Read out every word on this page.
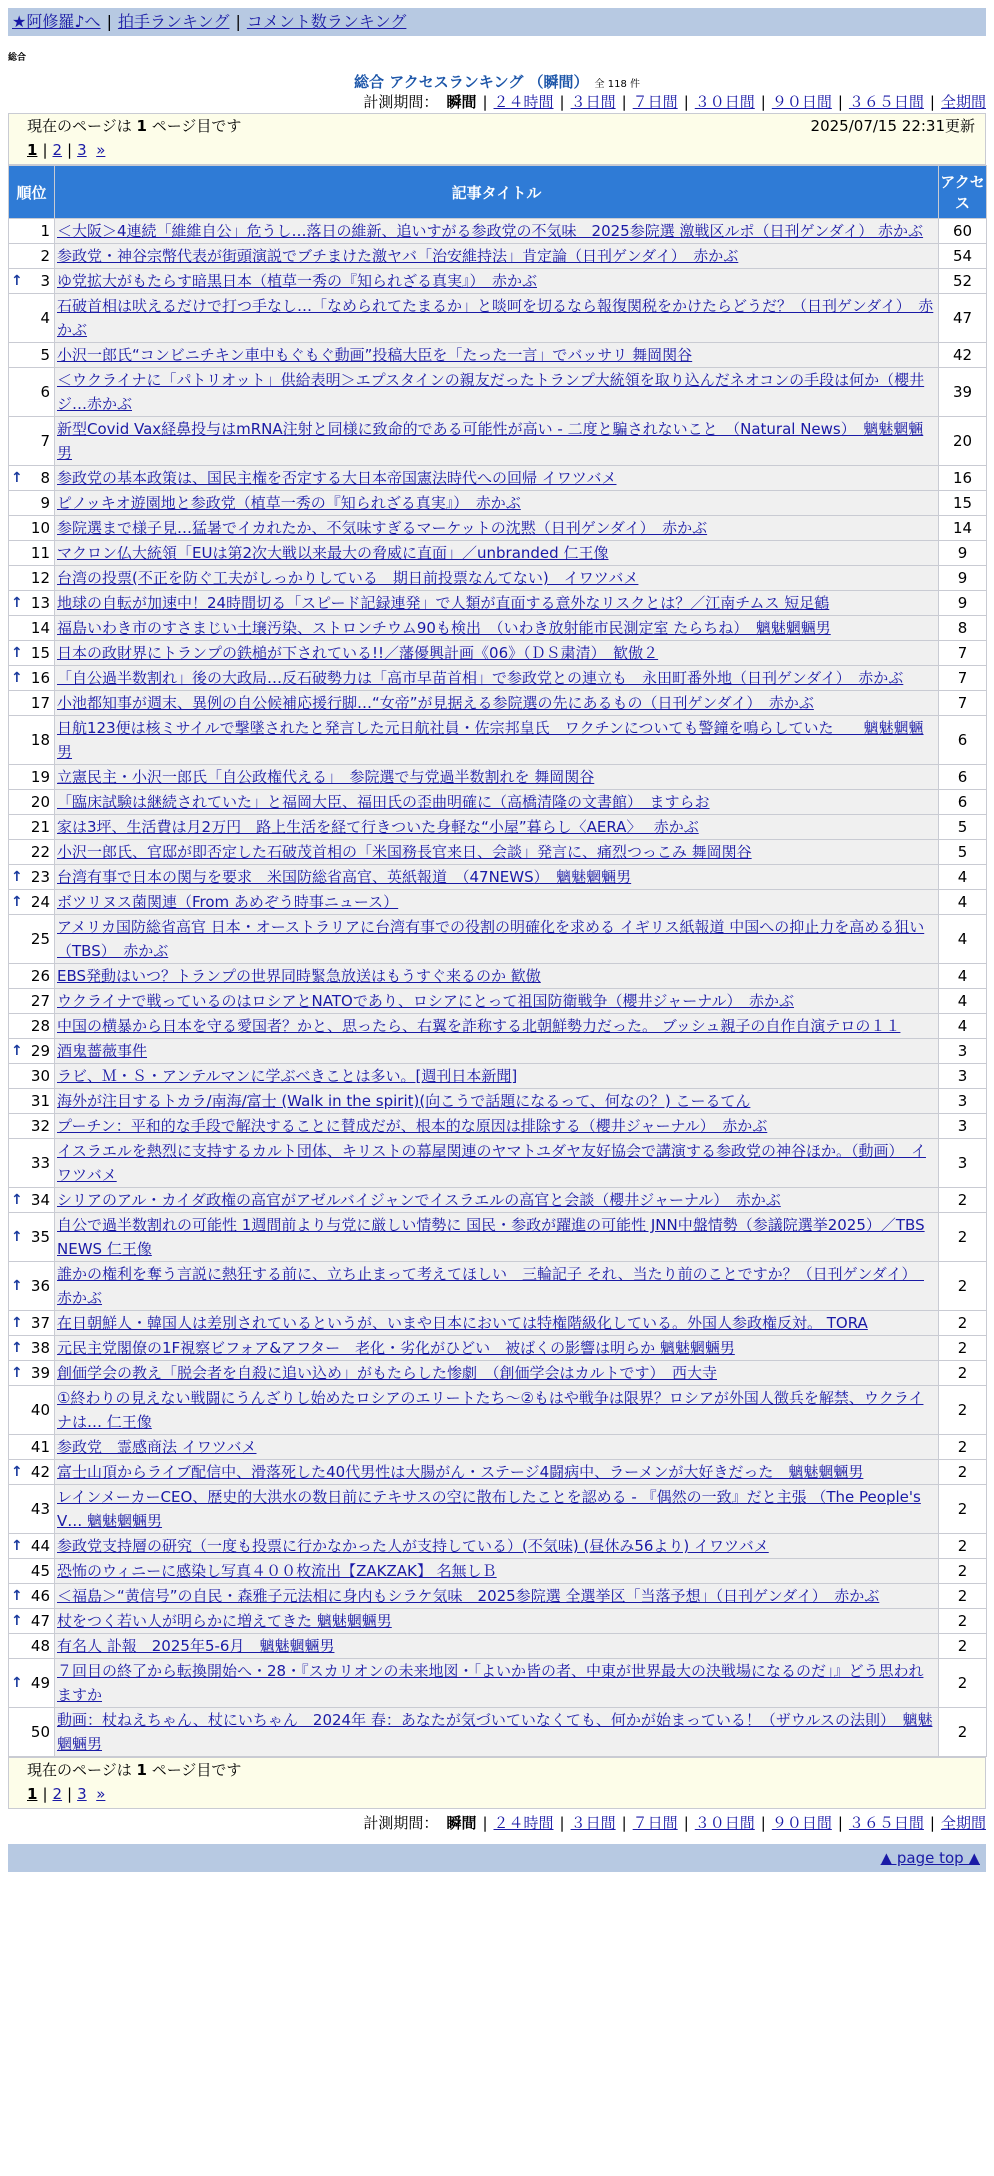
★阿修羅♪へ | 拍手ランキング | コメント数ランキング
総合
総合 アクセスランキング （瞬間） 全 118 件
計測期間： 瞬間 | ２４時間 | ３日間 | ７日間 | ３０日間 | ９０日間 | ３６５日間 | 全期間
現在のページは 1 ページ目です	2025/07/15 22:31更新
1 | 2 | 3 »
順位	記事タイトル	アクセス
1	＜大阪＞4連続「維維自公」危うし…落日の維新、追いすがる参政党の不気味　2025参院選 激戦区ルポ（日刊ゲンダイ） 赤かぶ	60
2	参政党・神谷宗幣代表が街頭演説でブチまけた激ヤバ「治安維持法」肯定論（日刊ゲンダイ）　赤かぶ	54

↑ 3	ゆ党拡大がもたらす暗黒日本（植草一秀の『知られざる真実』）　赤かぶ	52
4	石破首相は吠えるだけで打つ手なし…「なめられてたまるか」と啖呵を切るなら報復関税をかけたらどうだ？（日刊ゲンダイ）　赤かぶ	47
5	小沢一郎氏“コンビニチキン車中もぐもぐ動画”投稿大臣を「たった一言」でバッサリ 舞岡関谷	42
6	＜ウクライナに「パトリオット」供給表明＞エプスタインの親友だったトランプ大統領を取り込んだネオコンの手段は何か（櫻井ジ…赤かぶ	39
7	新型Covid Vax経鼻投与はmRNA注射と同様に致命的である可能性が高い - 二度と騙されないこと　（Natural News）　魑魅魍魎男	20

↑ 8	参政党の基本政策は、国民主権を否定する大日本帝国憲法時代への回帰 イワツバメ	16
9	ピノッキオ遊園地と参政党（植草一秀の『知られざる真実』）　赤かぶ	15
10	参院選まで様子見…猛暑でイカれたか、不気味すぎるマーケットの沈黙（日刊ゲンダイ）　赤かぶ	14
11	マクロン仏大統領「EUは第2次大戦以来最大の脅威に直面」／unbranded 仁王像	9
12	台湾の投票(不正を防ぐ工夫がしっかりしている　期日前投票なんてない)　イワツバメ	9

↑ 13	地球の自転が加速中！24時間切る「スピード記録連発」で人類が直面する意外なリスクとは？／江南チムス 短足鶴	9
14	福島いわき市のすさまじい土壌汚染、ストロンチウム90も検出　（いわき放射能市民測定室 たらちね）　魑魅魍魎男	8

↑ 15	日本の政財界にトランプの鉄槌が下されている!!／藩優興計画《06》（ＤＳ粛清）　歓傲２	7

↑ 16	「自公過半数割れ」後の大政局…反石破勢力は「高市早苗首相」で参政党との連立も　永田町番外地（日刊ゲンダイ）　赤かぶ	7
17	小池都知事が週末、異例の自公候補応援行脚…“女帝”が見据える参院選の先にあるもの（日刊ゲンダイ）　赤かぶ	7
18	日航123便は核ミサイルで撃墜されたと発言した元日航社員・佐宗邦皇氏　ワクチンについても警鐘を鳴らしていた　　魑魅魍魎男	6
19	立憲民主・小沢一郎氏「自公政権代える」　参院選で与党過半数割れを 舞岡関谷	6
20	「臨床試験は継続されていた」と福岡大臣、福田氏の歪曲明確に（高橋清隆の文書館）　ますらお	6
21	家は3坪、生活費は月2万円　路上生活を経て行きついた身軽な“小屋”暮らし〈AERA〉　 赤かぶ	5
22	小沢一郎氏、官邸が即否定した石破茂首相の「米国務長官来日、会談」発言に、痛烈つっこみ 舞岡関谷	5

↑ 23	台湾有事で日本の関与を要求　米国防総省高官、英紙報道　（47NEWS）　魑魅魍魎男	4

↑ 24	ボツリヌス菌関連（From あめぞう時事ニュース）	4
25	アメリカ国防総省高官 日本・オーストラリアに台湾有事での役割の明確化を求める イギリス紙報道 中国への抑止力を高める狙い（TBS）　赤かぶ	4
26	EBS発動はいつ？トランプの世界同時緊急放送はもうすぐ来るのか 歓傲	4
27	ウクライナで戦っているのはロシアとNATOであり、ロシアにとって祖国防衛戦争（櫻井ジャーナル）　赤かぶ	4
28	中国の横暴から日本を守る愛国者？かと、思ったら、右翼を詐称する北朝鮮勢力だった。 ブッシュ親子の自作自演テロの１１	4

↑ 29	酒鬼薔薇事件	3
30	ラビ、Ｍ・Ｓ・アンテルマンに学ぶべきことは多い。[週刊日本新聞]	3
31	海外が注目するトカラ/南海/富士 (Walk in the spirit)(向こうで話題になるって、何なの？) こーるてん	3
32	プーチン：平和的な手段で解決することに賛成だが、根本的な原因は排除する（櫻井ジャーナル）　赤かぶ	3
33	イスラエルを熱烈に支持するカルト団体、キリストの幕屋関連のヤマトユダヤ友好協会で講演する参政党の神谷ほか。（動画）　イワツバメ	3

↑ 34	シリアのアル・カイダ政権の高官がアゼルバイジャンでイスラエルの高官と会談（櫻井ジャーナル）　赤かぶ	2

↑ 35	自公で過半数割れの可能性 1週間前より与党に厳しい情勢に 国民・参政が躍進の可能性 JNN中盤情勢（参議院選挙2025）／TBS NEWS 仁王像	2

↑ 36	誰かの権利を奪う言説に熱狂する前に、立ち止まって考えてほしい　三輪記子 それ、当たり前のことですか？（日刊ゲンダイ）　赤かぶ	2

↑ 37	在日朝鮮人・韓国人は差別されているというが、いまや日本においては特権階級化している。外国人参政権反対。 TORA	2

↑ 38	元民主党閣僚の1F視察ビフォア&アフター　老化・劣化がひどい　被ばくの影響は明らか 魑魅魍魎男	2

↑ 39	創価学会の教え「脱会者を自殺に追い込め」がもたらした惨劇　（創価学会はカルトです）　西大寺	2
40	①終わりの見えない戦闘にうんざりし始めたロシアのエリートたち～②もはや戦争は限界？ロシアが外国人徴兵を解禁、ウクライナは… 仁王像	2
41	参政党　霊感商法 イワツバメ	2

↑ 42	富士山頂からライブ配信中、滑落死した40代男性は大腸がん・ステージ4闘病中、ラーメンが大好きだった　魑魅魍魎男	2
43	レインメーカーCEO、歴史的大洪水の数日前にテキサスの空に散布したことを認める - 『偶然の一致』だと主張 （The People's V… 魑魅魍魎男	2

↑ 44	参政党支持層の研究（一度も投票に行かなかった人が支持している）(不気味) (昼休み56より) イワツバメ	2
45	恐怖のウィニーに感染し写真４００枚流出【ZAKZAK】 名無しＢ	2

↑ 46	＜福島＞“黄信号”の自民・森雅子元法相に身内もシラケ気味　2025参院選 全選挙区「当落予想」（日刊ゲンダイ）　赤かぶ	2

↑ 47	杖をつく若い人が明らかに増えてきた 魑魅魍魎男	2
48	有名人 訃報　2025年5-6月　魑魅魍魎男	2

↑ 49	７回目の終了から転換開始へ・28・『スカリオンの未来地図・「よいか皆の者、中東が世界最大の決戦場になるのだ」』どう思われますか	2
50	動画：杖ねえちゃん、杖にいちゃん　2024年 春：あなたが気づいていなくても、何かが始まっている！（ザウルスの法則）　魑魅魍魎男	2
現在のページは 1 ページ目です
1 | 2 | 3 »
計測期間： 瞬間 | ２４時間 | ３日間 | ７日間 | ３０日間 | ９０日間 | ３６５日間 | 全期間
▲ page top ▲
